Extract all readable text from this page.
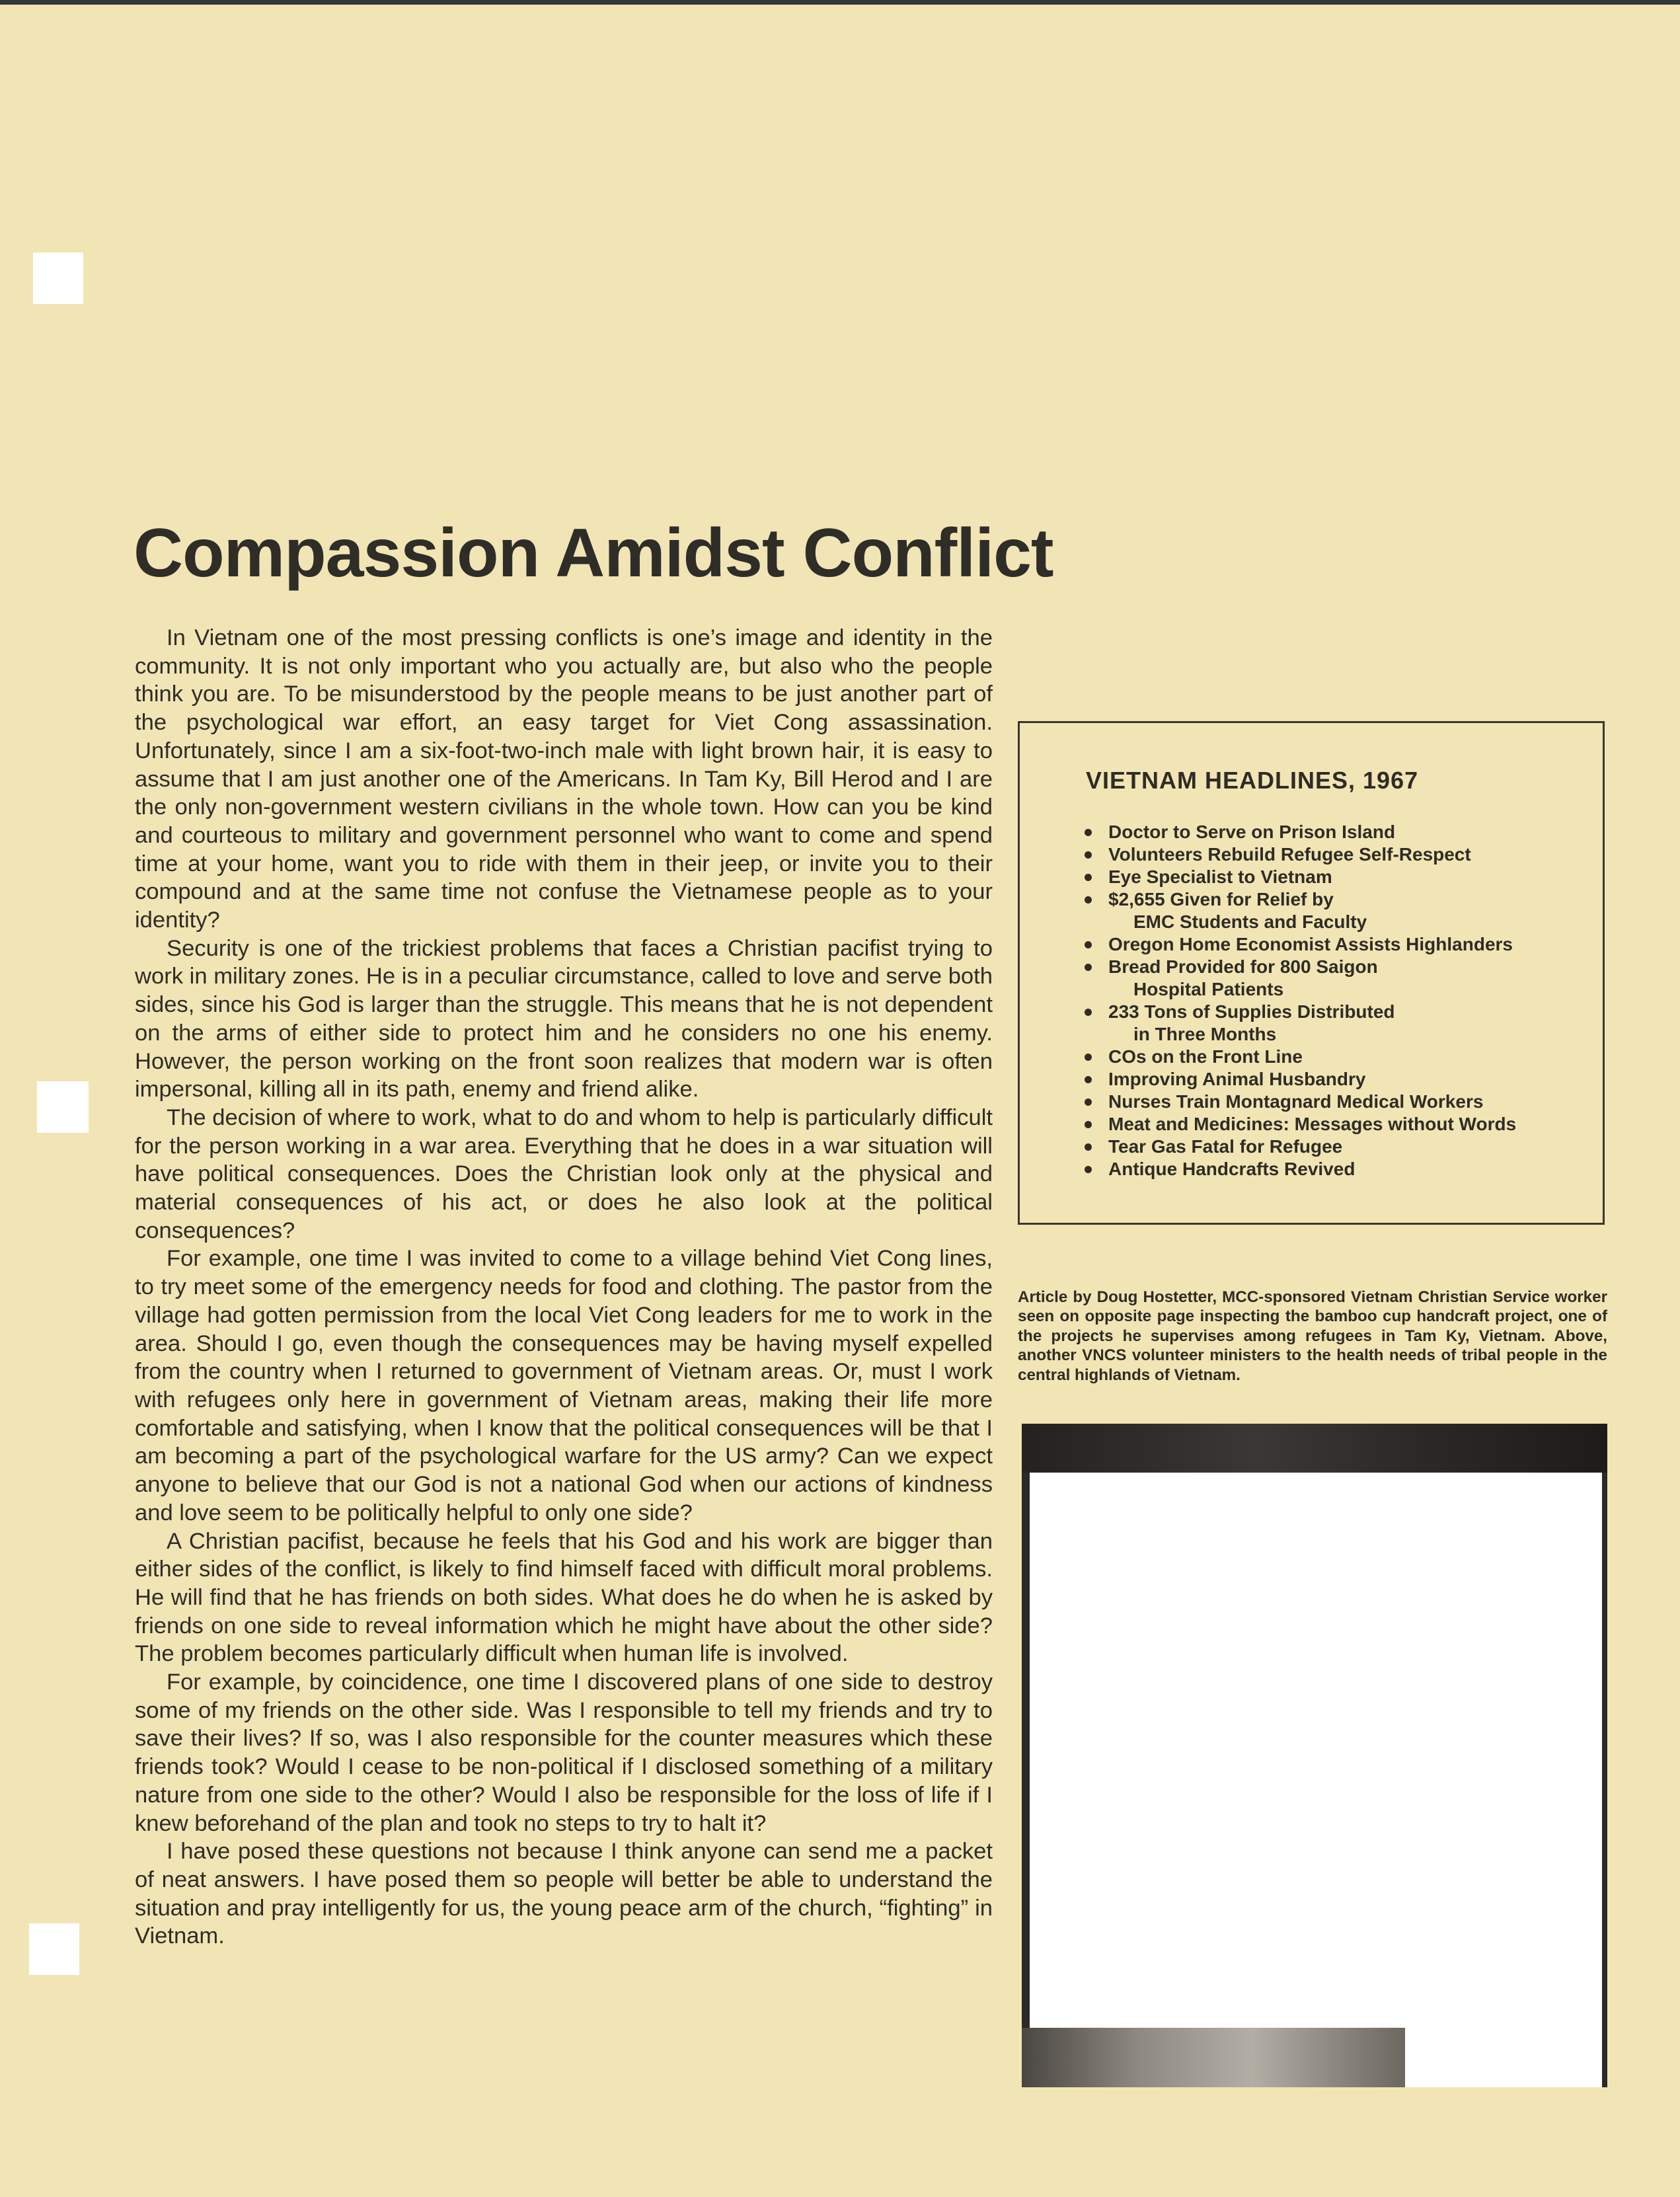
Compassion Amidst Conflict

In Vietnam one of the most pressing conflicts is one’s image and identity in the community. It is not only important who you actually are, but also who the people think you are. To be misunderstood by the people means to be just another part of the psychological war effort, an easy target for Viet Cong assassination. Unfortunately, since I am a six-foot-two-inch male with light brown hair, it is easy to assume that I am just another one of the Americans. In Tam Ky, Bill Herod and I are the only non-government western civilians in the whole town. How can you be kind and courteous to military and government personnel who want to come and spend time at your home, want you to ride with them in their jeep, or invite you to their compound and at the same time not confuse the Vietnamese people as to your identity?

Security is one of the trickiest problems that faces a Christian pacifist trying to work in military zones. He is in a peculiar circumstance, called to love and serve both sides, since his God is larger than the struggle. This means that he is not dependent on the arms of either side to protect him and he considers no one his enemy. However, the person working on the front soon realizes that modern war is often impersonal, killing all in its path, enemy and friend alike.

The decision of where to work, what to do and whom to help is particularly difficult for the person working in a war area. Everything that he does in a war situation will have political consequences. Does the Christian look only at the physical and material consequences of his act, or does he also look at the political consequences?

For example, one time I was invited to come to a village behind Viet Cong lines, to try meet some of the emergency needs for food and clothing. The pastor from the village had gotten permission from the local Viet Cong leaders for me to work in the area. Should I go, even though the consequences may be having myself expelled from the country when I returned to government of Vietnam areas. Or, must I work with refugees only here in government of Vietnam areas, making their life more comfortable and satisfying, when I know that the political consequences will be that I am becoming a part of the psychological warfare for the US army? Can we expect anyone to believe that our God is not a national God when our actions of kindness and love seem to be politically helpful to only one side?

A Christian pacifist, because he feels that his God and his work are bigger than either sides of the conflict, is likely to find himself faced with difficult moral problems. He will find that he has friends on both sides. What does he do when he is asked by friends on one side to reveal information which he might have about the other side? The problem becomes particularly difficult when human life is involved.

For example, by coincidence, one time I discovered plans of one side to destroy some of my friends on the other side. Was I responsible to tell my friends and try to save their lives? If so, was I also responsible for the counter measures which these friends took? Would I cease to be non-political if I disclosed something of a military nature from one side to the other? Would I also be responsible for the loss of life if I knew beforehand of the plan and took no steps to try to halt it?

I have posed these questions not because I think anyone can send me a packet of neat answers. I have posed them so people will better be able to understand the situation and pray intelligently for us, the young peace arm of the church, “fighting” in Vietnam.

VIETNAM HEADLINES, 1967
Doctor to Serve on Prison Island
Volunteers Rebuild Refugee Self-Respect
Eye Specialist to Vietnam
$2,655 Given for Relief by
EMC Students and Faculty
Oregon Home Economist Assists Highlanders
Bread Provided for 800 Saigon
Hospital Patients
233 Tons of Supplies Distributed
in Three Months
COs on the Front Line
Improving Animal Husbandry
Nurses Train Montagnard Medical Workers
Meat and Medicines: Messages without Words
Tear Gas Fatal for Refugee
Antique Handcrafts Revived
Article by Doug Hostetter, MCC-sponsored Vietnam Christian Service worker seen on opposite page inspecting the bamboo cup handcraft project, one of the projects he supervises among refugees in Tam Ky, Vietnam. Above, another VNCS volunteer ministers to the health needs of tribal people in the central highlands of Vietnam.
